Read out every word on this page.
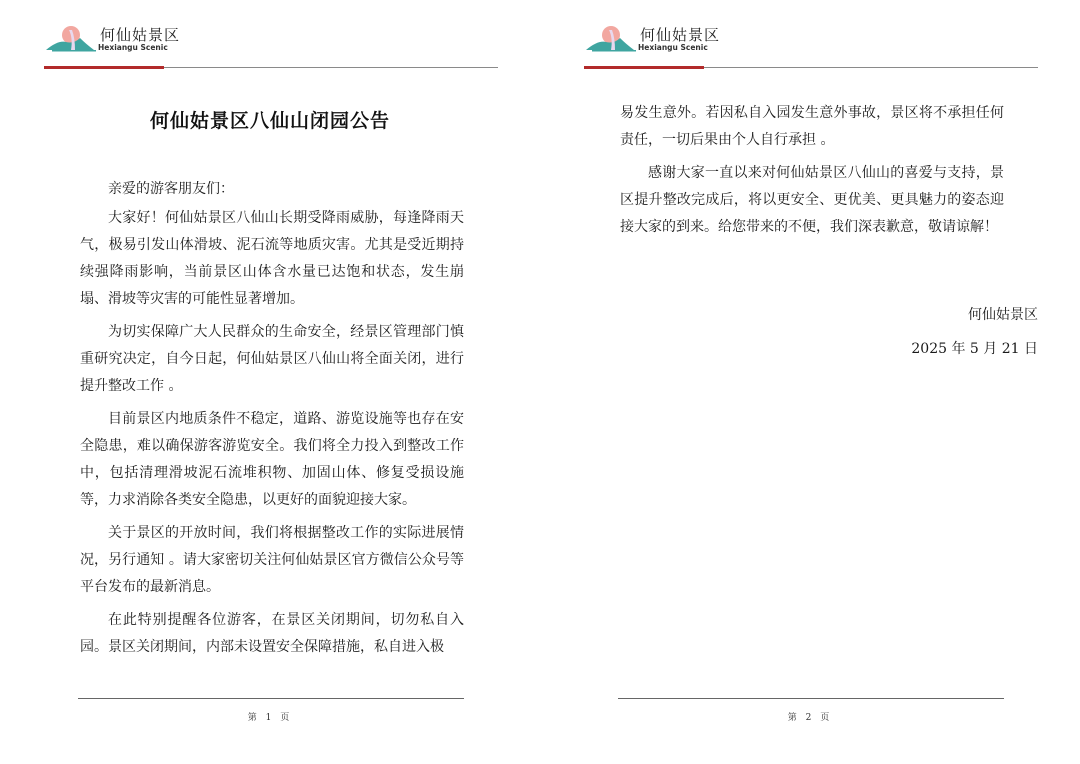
何仙姑景区
Hexiangu Scenic
何仙姑景区八仙山闭园公告
亲爱的游客朋友们：

大家好！何仙姑景区八仙山长期受降雨威胁，每逢降雨天气，极易引发山体滑坡、泥石流等地质灾害。尤其是受近期持续强降雨影响，当前景区山体含水量已达饱和状态，发生崩塌、滑坡等灾害的可能性显著增加。

为切实保障广大人民群众的生命安全，经景区管理部门慎重研究决定，自今日起，何仙姑景区八仙山将全面关闭，进行提升整改工作 。

目前景区内地质条件不稳定，道路、游览设施等也存在安全隐患，难以确保游客游览安全。我们将全力投入到整改工作中，包括清理滑坡泥石流堆积物、加固山体、修复受损设施等，力求消除各类安全隐患，以更好的面貌迎接大家。

关于景区的开放时间，我们将根据整改工作的实际进展情况，另行通知 。请大家密切关注何仙姑景区官方微信公众号等平台发布的最新消息。

在此特别提醒各位游客，在景区关闭期间，切勿私自入园。景区关闭期间，内部未设置安全保障措施，私自进入极

第 1 页
何仙姑景区
Hexiangu Scenic

易发生意外。若因私自入园发生意外事故，景区将不承担任何责任，一切后果由个人自行承担 。

感谢大家一直以来对何仙姑景区八仙山的喜爱与支持，景区提升整改完成后，将以更安全、更优美、更具魅力的姿态迎接大家的到来。给您带来的不便，我们深表歉意，敬请谅解！

何仙姑景区
2025 年 5 月 21 日
第 2 页
